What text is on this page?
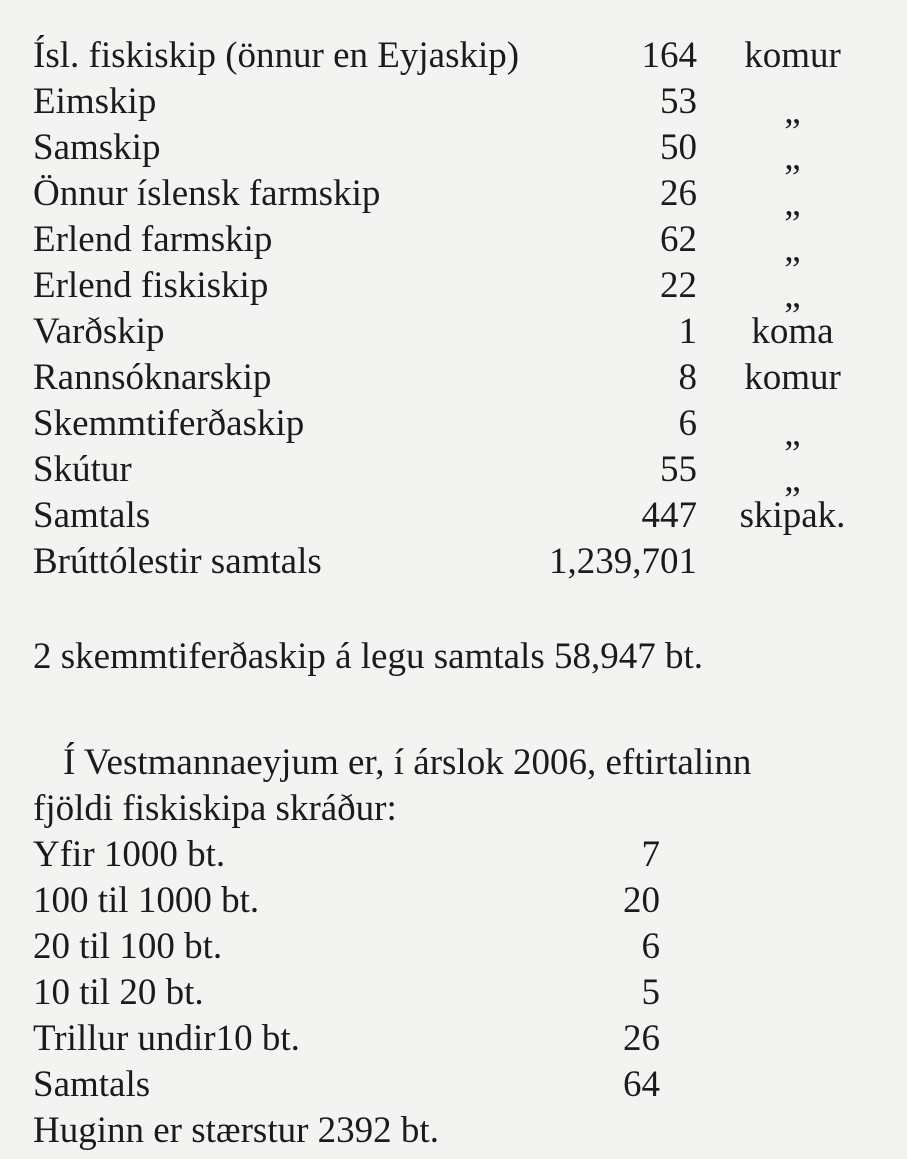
Ísl. fiskiskip (önnur en Eyjaskip)	164	komur
Eimskip	53	„
Samskip	50	„
Önnur íslensk farmskip	26	„
Erlend farmskip	62	„
Erlend fiskiskip	22	„
Varðskip	1	koma
Rannsóknarskip	8	komur
Skemmtiferðaskip	6	„
Skútur	55	„
Samtals	447	skipak.
Brúttólestir samtals	1,239,701
2 skemmtiferðaskip á legu samtals 58,947 bt.
Í Vestmannaeyjum er, í árslok 2006, eftirtalinn
fjöldi fiskiskipa skráður:
Yfir 1000 bt.	7
100 til 1000 bt.	20
20 til 100 bt.	6
10 til 20 bt.	5
Trillur undir10 bt.	26
Samtals	64
Huginn er stærstur 2392 bt.
